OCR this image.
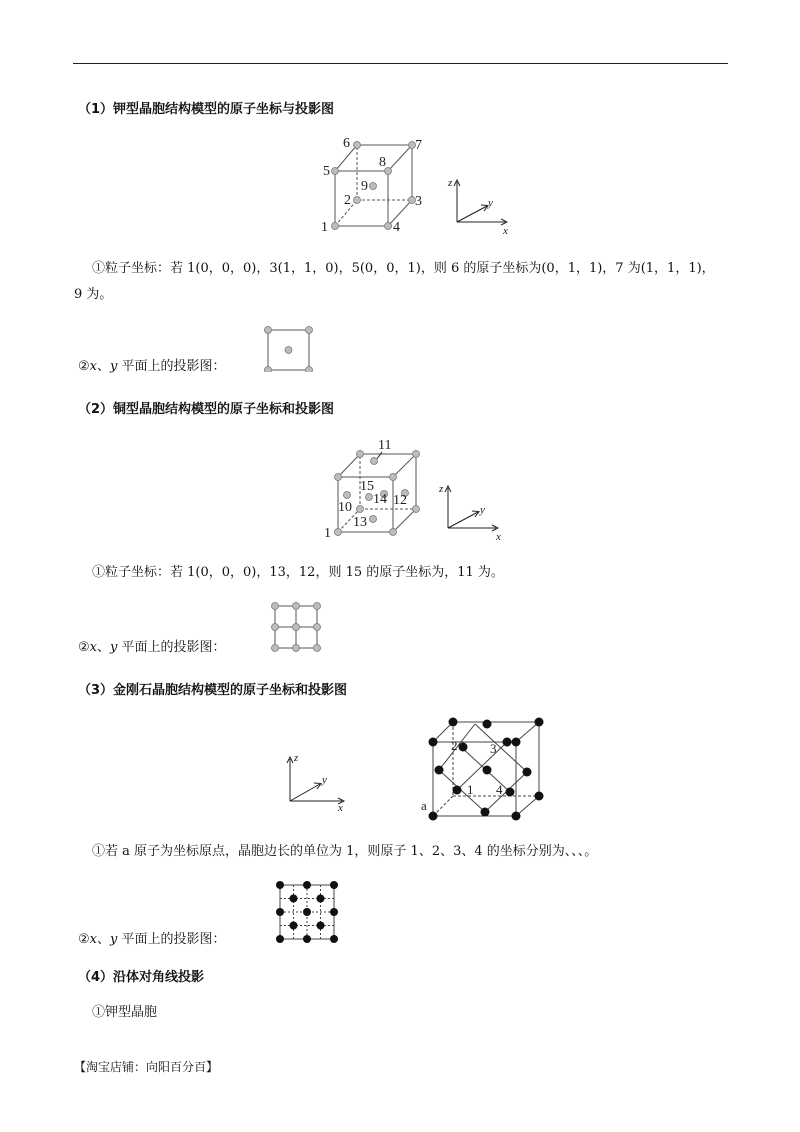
（1）钾型晶胞结构模型的原子坐标与投影图
1
2	3
4
5
6	7
8
9	z
y
x
①粒子坐标：若 1(0，0，0)，3(1，1，0)，5(0，0，1)，则 6 的原子坐标为(0，1，1)，7 为(1，1，1)，
9 为。
②x、y 平面上的投影图：
（2）铜型晶胞结构模型的原子坐标和投影图
1
10
11
12
13
14
15	z
y
x
①粒子坐标：若 1(0，0，0)，13，12，则 15 的原子坐标为，11 为。
②x、y 平面上的投影图：
（3）金刚石晶胞结构模型的原子坐标和投影图
z
y
x
1
2	3
4
a
①若 a 原子为坐标原点，晶胞边长的单位为 1，则原子 1、2、3、4 的坐标分别为、、、。
②x、y 平面上的投影图：
（4）沿体对角线投影
①钾型晶胞
【淘宝店铺：向阳百分百】
